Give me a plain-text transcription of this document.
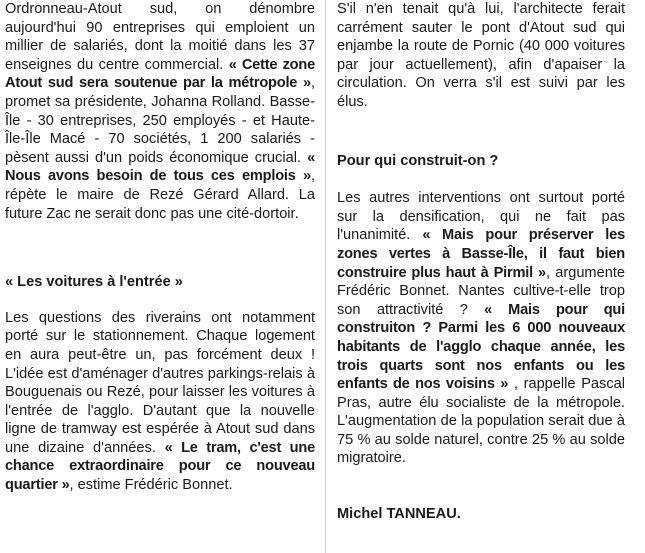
Ordronneau-Atout sud, on dénombre aujourd'hui 90 entreprises qui emploient un millier de salariés, dont la moitié dans les 37 enseignes du centre commercial. « Cette zone Atout sud sera soutenue par la métropole », promet sa présidente, Johanna Rolland. Basse-Île - 30 entreprises, 250 employés - et Haute-Île-Île Macé - 70 sociétés, 1 200 salariés - pèsent aussi d'un poids économique crucial. « Nous avons besoin de tous ces emplois », répète le maire de Rezé Gérard Allard. La future Zac ne serait donc pas une cité-dortoir.

« Les voitures à l'entrée »

Les questions des riverains ont notamment porté sur le stationnement. Chaque logement en aura peut-être un, pas forcément deux ! L'idée est d'aménager d'autres parkings-relais à Bouguenais ou Rezé, pour laisser les voitures à l'entrée de l'agglo. D'autant que la nouvelle ligne de tramway est espérée à Atout sud dans une dizaine d'années. « Le tram, c'est une chance extraordinaire pour ce nouveau quartier », estime Frédéric Bonnet.

S'il n'en tenait qu'à lui, l'architecte ferait carrément sauter le pont d'Atout sud qui enjambe la route de Pornic (40 000 voitures par jour actuellement), afin d'apaiser la circulation. On verra s'il est suivi par les élus.

Pour qui construit-on ?

Les autres interventions ont surtout porté sur la densification, qui ne fait pas l'unanimité. « Mais pour préserver les zones vertes à Basse-Île, il faut bien construire plus haut à Pirmil », argumente Frédéric Bonnet. Nantes cultive-t-elle trop son attractivité ? « Mais pour qui construiton ? Parmi les 6 000 nouveaux habitants de l'agglo chaque année, les trois quarts sont nos enfants ou les enfants de nos voisins » , rappelle Pascal Pras, autre élu socialiste de la métropole. L'augmentation de la population serait due à 75 % au solde naturel, contre 25 % au solde migratoire.

Michel TANNEAU.
